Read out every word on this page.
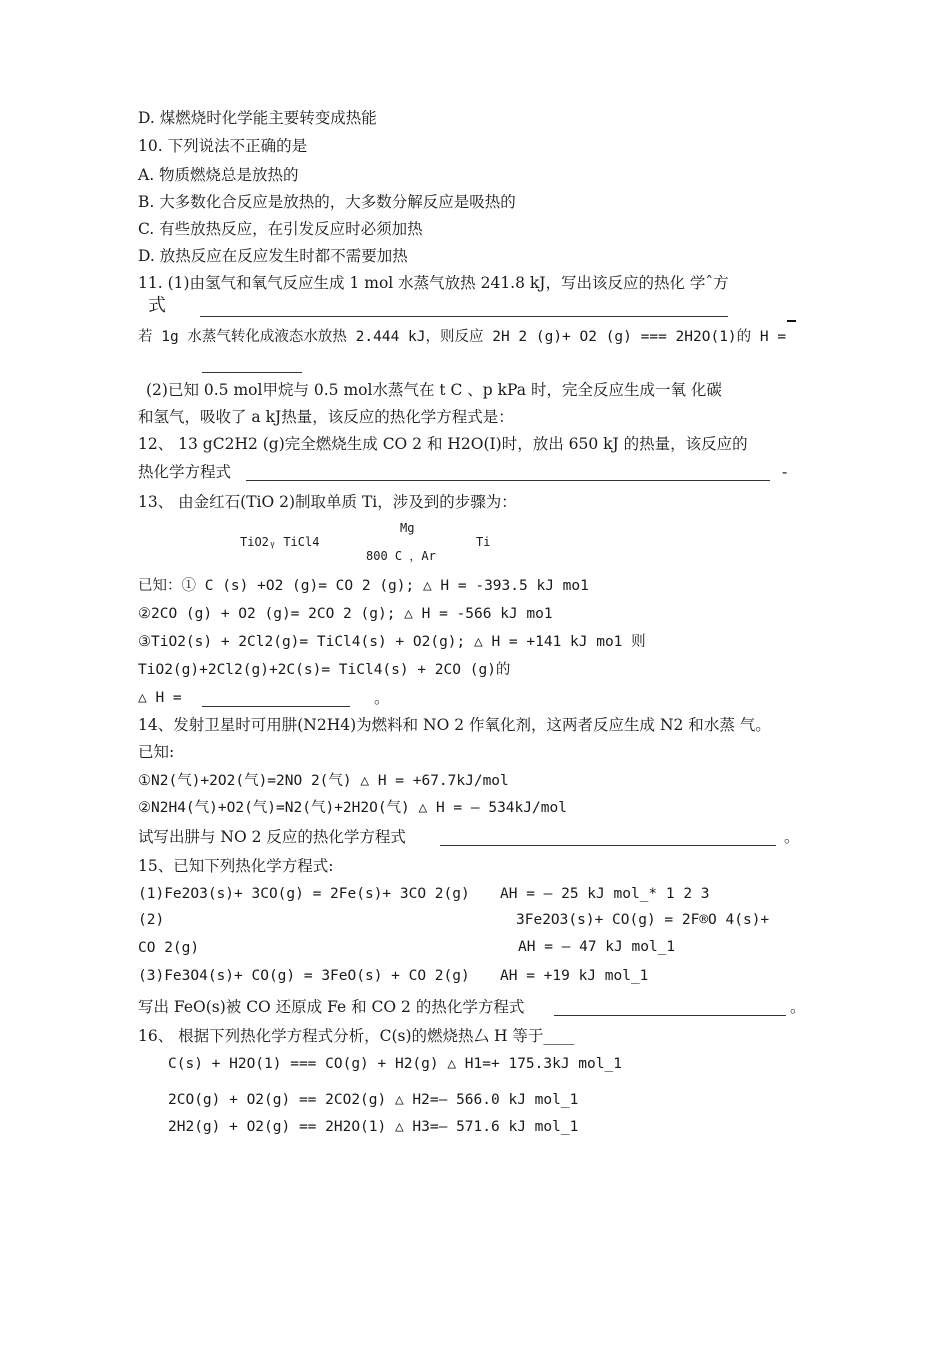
D. 煤燃烧时化学能主要转变成热能
10. 下列说法不正确的是
A. 物质燃烧总是放热的
B. 大多数化合反应是放热的，大多数分解反应是吸热的
C. 有些放热反应，在引发反应时必须加热
D. 放热反应在反应发生时都不需要加热
11. (1)由氢气和氧气反应生成 1 mol 水蒸气放热 241.8 kJ，写出该反应的热化 学ˆ方
式
若 1g 水蒸气转化成液态水放热 2.444 kJ，则反应 2H 2 (g)+ O2 (g) === 2H2O(1)的 H =
(2)已知 0.5 mol甲烷与 0.5 mol水蒸气在 t C 、p kPa 时，完全反应生成一氧 化碳
和氢气，吸收了 a kJ热量，该反应的热化学方程式是：
12、 13 gC2H2 (g)完全燃烧生成 CO 2 和 H2O(I)时，放出 650 kJ 的热量，该反应的
热化学方程式	-
13、 由金红石(TiO 2)制取单质 Ti，涉及到的步骤为：
TiO2ᵧ TiCl4
Mg
800 C ，Ar
Ti
已知：① C (s) +O2 (g)= CO 2 (g); △ H = -393.5 kJ mo1
②2CO (g) + O2 (g)= 2CO 2 (g); △ H = -566 kJ mo1
③TiO2(s) + 2Cl2(g)= TiCl4(s) + O2(g); △ H = +141 kJ mo1 则
TiO2(g)+2Cl2(g)+2C(s)= TiCl4(s) + 2CO (g)的
△ H =	。
14、发射卫星时可用肼(N2H4)为燃料和 NO 2 作氧化剂，这两者反应生成 N2 和水蒸 气。
已知:
①N2(气)+2O2(气)=2NO 2(气) △ H = +67.7kJ/mol
②N2H4(气)+O2(气)=N2(气)+2H2O(气) △ H = — 534kJ/mol
试写出肼与 NO 2 反应的热化学方程式	。
15、已知下列热化学方程式:
(1)Fe2O3(s)+ 3CO(g) = 2Fe(s)+ 3CO 2(g) AH = — 25 kJ mol_* 1 2 3
(2)	3Fe2O3(s)+ CO(g) = 2F®O 4(s)+
CO 2(g)	AH = — 47 kJ mol_1
(3)Fe3O4(s)+ CO(g) = 3FeO(s) + CO 2(g) AH = +19 kJ mol_1
写出 FeO(s)被 CO 还原成 Fe 和 CO 2 的热化学方程式	。
16、 根据下列热化学方程式分析，C(s)的燃烧热厶 H 等于____
C(s) + H2O(1) === CO(g) + H2(g) △ H1=+ 175.3kJ mol_1
2CO(g) + O2(g) == 2CO2(g) △ H2=— 566.0 kJ mol_1
2H2(g) + O2(g) == 2H2O(1) △ H3=— 571.6 kJ mol_1
